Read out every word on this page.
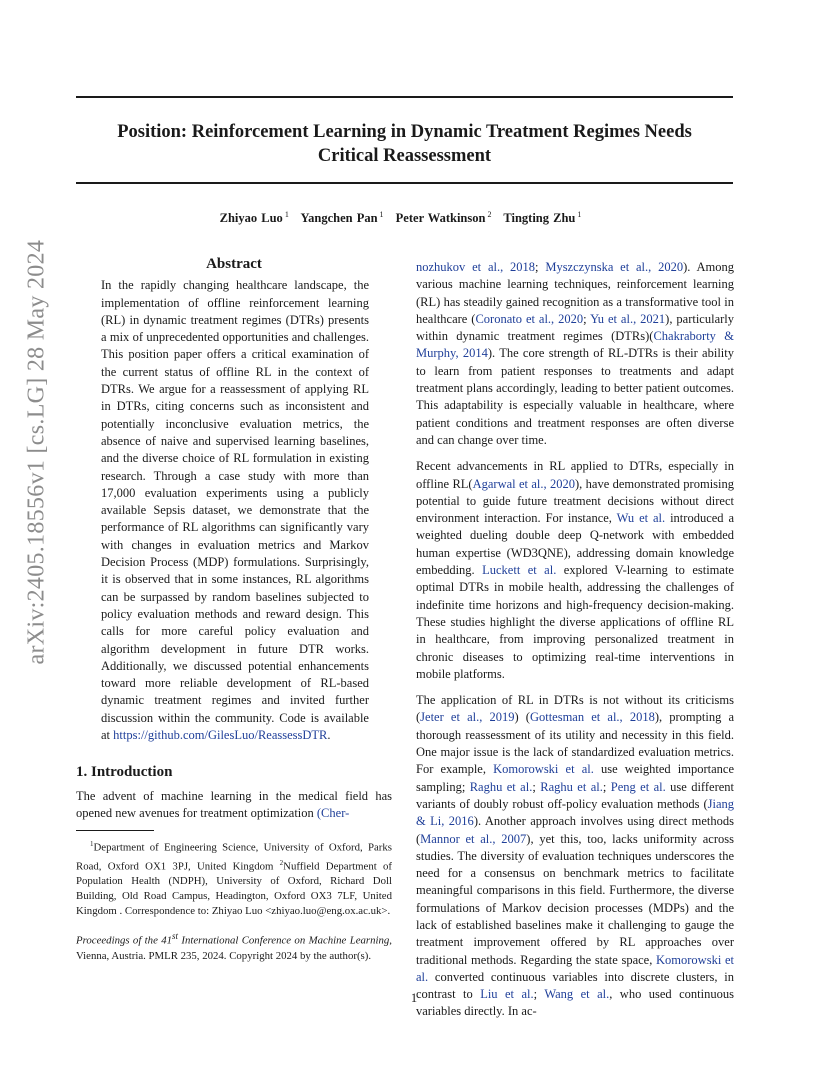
Position: Reinforcement Learning in Dynamic Treatment Regimes Needs
Critical Reassessment
Zhiyao Luo $^1$ Yangchen Pan $^1$ Peter Watkinson $^2$ Tingting Zhu $^1$
arXiv:2405.18556v1 [cs.LG] 28 May 2024	Abstract

In the rapidly changing healthcare landscape, the implementation of offline reinforcement learning (RL) in dynamic treatment regimes (DTRs) presents a mix of unprecedented opportunities and challenges. This position paper offers a critical examination of the current status of offline RL in the context of DTRs. We argue for a reassessment of applying RL in DTRs, citing concerns such as inconsistent and potentially inconclusive evaluation metrics, the absence of naive and supervised learning baselines, and the diverse choice of RL formulation in existing research. Through a case study with more than 17,000 evaluation experiments using a publicly available Sepsis dataset, we demonstrate that the performance of RL algorithms can significantly vary with changes in evaluation metrics and Markov Decision Process (MDP) formulations. Surprisingly, it is observed that in some instances, RL algorithms can be surpassed by random baselines subjected to policy evaluation methods and reward design. This calls for more careful policy evaluation and algorithm development in future DTR works. Additionally, we discussed potential enhancements toward more reliable development of RL-based dynamic treatment regimes and invited further discussion within the community. Code is available at https://github.com/GilesLuo/ReassessDTR.

1. Introduction

The advent of machine learning in the medical field has opened new avenues for treatment optimization (Cher-

$^1$Department of Engineering Science, University of Oxford, Parks Road, Oxford OX1 3PJ, United Kingdom $^2$Nuffield Department of Population Health (NDPH), University of Oxford, Richard Doll Building, Old Road Campus, Headington, Oxford OX3 7LF, United Kingdom . Correspondence to: Zhiyao Luo <zhiyao.luo@eng.ox.ac.uk>.
Proceedings of the 41st International Conference on Machine Learning, Vienna, Austria. PMLR 235, 2024. Copyright 2024 by the author(s).

nozhukov et al., 2018; Myszczynska et al., 2020). Among various machine learning techniques, reinforcement learning (RL) has steadily gained recognition as a transformative tool in healthcare (Coronato et al., 2020; Yu et al., 2021), particularly within dynamic treatment regimes (DTRs)(Chakraborty & Murphy, 2014). The core strength of RL-DTRs is their ability to learn from patient responses to treatments and adapt treatment plans accordingly, leading to better patient outcomes. This adaptability is especially valuable in healthcare, where patient conditions and treatment responses are often diverse and can change over time.

Recent advancements in RL applied to DTRs, especially in offline RL(Agarwal et al., 2020), have demonstrated promising potential to guide future treatment decisions without direct environment interaction. For instance, Wu et al. introduced a weighted dueling double deep Q-network with embedded human expertise (WD3QNE), addressing domain knowledge embedding. Luckett et al. explored V-learning to estimate optimal DTRs in mobile health, addressing the challenges of indefinite time horizons and high-frequency decision-making. These studies highlight the diverse applications of offline RL in healthcare, from improving personalized treatment in chronic diseases to optimizing real-time interventions in mobile platforms.

The application of RL in DTRs is not without its criticisms (Jeter et al., 2019) (Gottesman et al., 2018), prompting a thorough reassessment of its utility and necessity in this field. One major issue is the lack of standardized evaluation metrics. For example, Komorowski et al. use weighted importance sampling; Raghu et al.; Raghu et al.; Peng et al. use different variants of doubly robust off-policy evaluation methods (Jiang & Li, 2016). Another approach involves using direct methods (Mannor et al., 2007), yet this, too, lacks uniformity across studies. The diversity of evaluation techniques underscores the need for a consensus on benchmark metrics to facilitate meaningful comparisons in this field. Furthermore, the diverse formulations of Markov decision processes (MDPs) and the lack of established baselines make it challenging to gauge the treatment improvement offered by RL approaches over traditional methods. Regarding the state space, Komorowski et al. converted continuous variables into discrete clusters, in contrast to Liu et al.; Wang et al., who used continuous variables directly. In ac-

1
